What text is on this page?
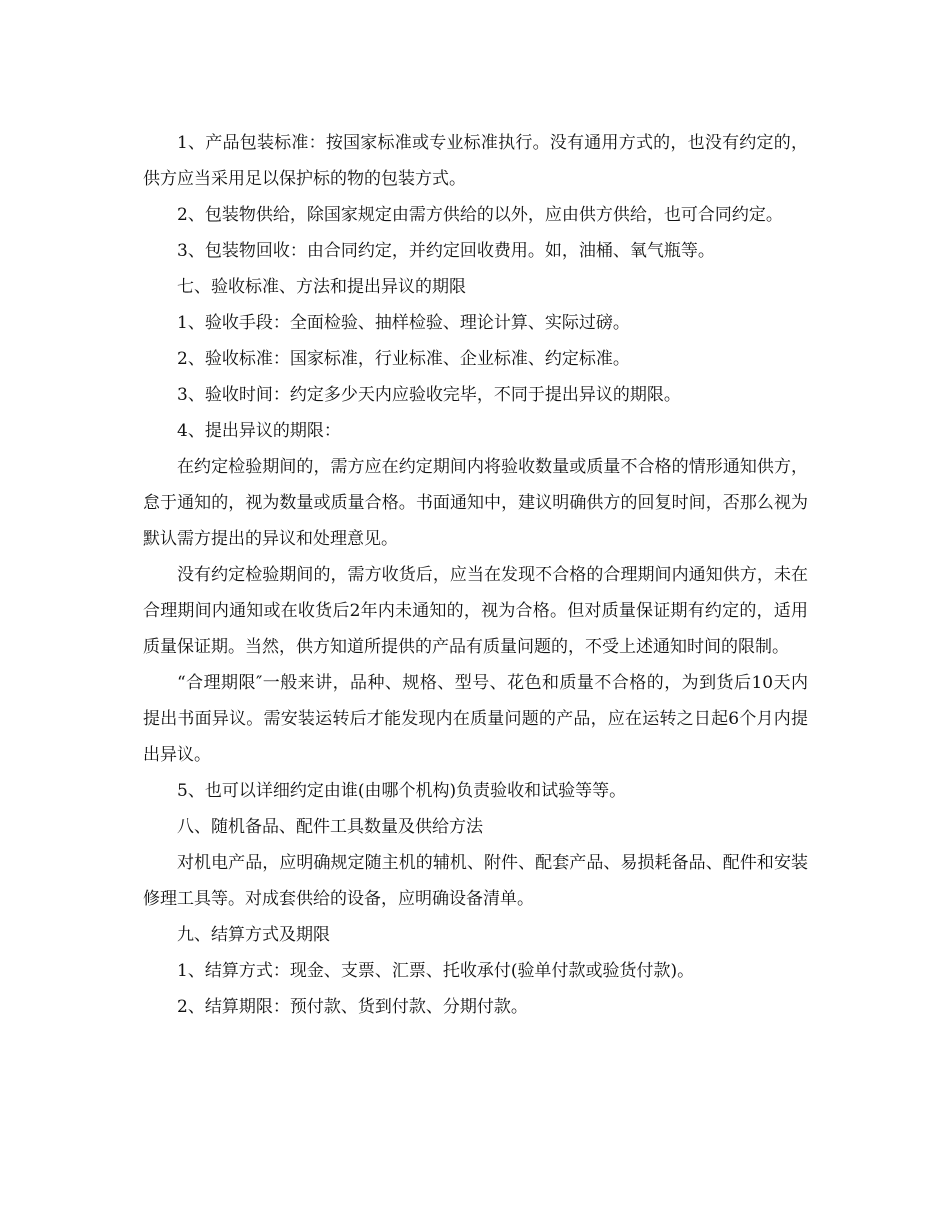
1、产品包装标准：按国家标准或专业标准执行。没有通用方式的，也没有约定的，供方应当采用足以保护标的物的包装方式。

2、包装物供给，除国家规定由需方供给的以外，应由供方供给，也可合同约定。

3、包装物回收：由合同约定，并约定回收费用。如，油桶、氧气瓶等。

七、验收标准、方法和提出异议的期限

1、验收手段：全面检验、抽样检验、理论计算、实际过磅。

2、验收标准：国家标准，行业标准、企业标准、约定标准。

3、验收时间：约定多少天内应验收完毕，不同于提出异议的期限。

4、提出异议的期限：

在约定检验期间的，需方应在约定期间内将验收数量或质量不合格的情形通知供方，怠于通知的，视为数量或质量合格。书面通知中，建议明确供方的回复时间，否那么视为默认需方提出的异议和处理意见。

没有约定检验期间的，需方收货后，应当在发现不合格的合理期间内通知供方，未在合理期间内通知或在收货后2年内未通知的，视为合格。但对质量保证期有约定的，适用质量保证期。当然，供方知道所提供的产品有质量问题的，不受上述通知时间的限制。

“合理期限″一般来讲，品种、规格、型号、花色和质量不合格的，为到货后10天内提出书面异议。需安装运转后才能发现内在质量问题的产品，应在运转之日起6个月内提出异议。

5、也可以详细约定由谁(由哪个机构)负责验收和试验等等。

八、随机备品、配件工具数量及供给方法

对机电产品，应明确规定随主机的辅机、附件、配套产品、易损耗备品、配件和安装修理工具等。对成套供给的设备，应明确设备清单。

九、结算方式及期限

1、结算方式：现金、支票、汇票、托收承付(验单付款或验货付款)。

2、结算期限：预付款、货到付款、分期付款。
